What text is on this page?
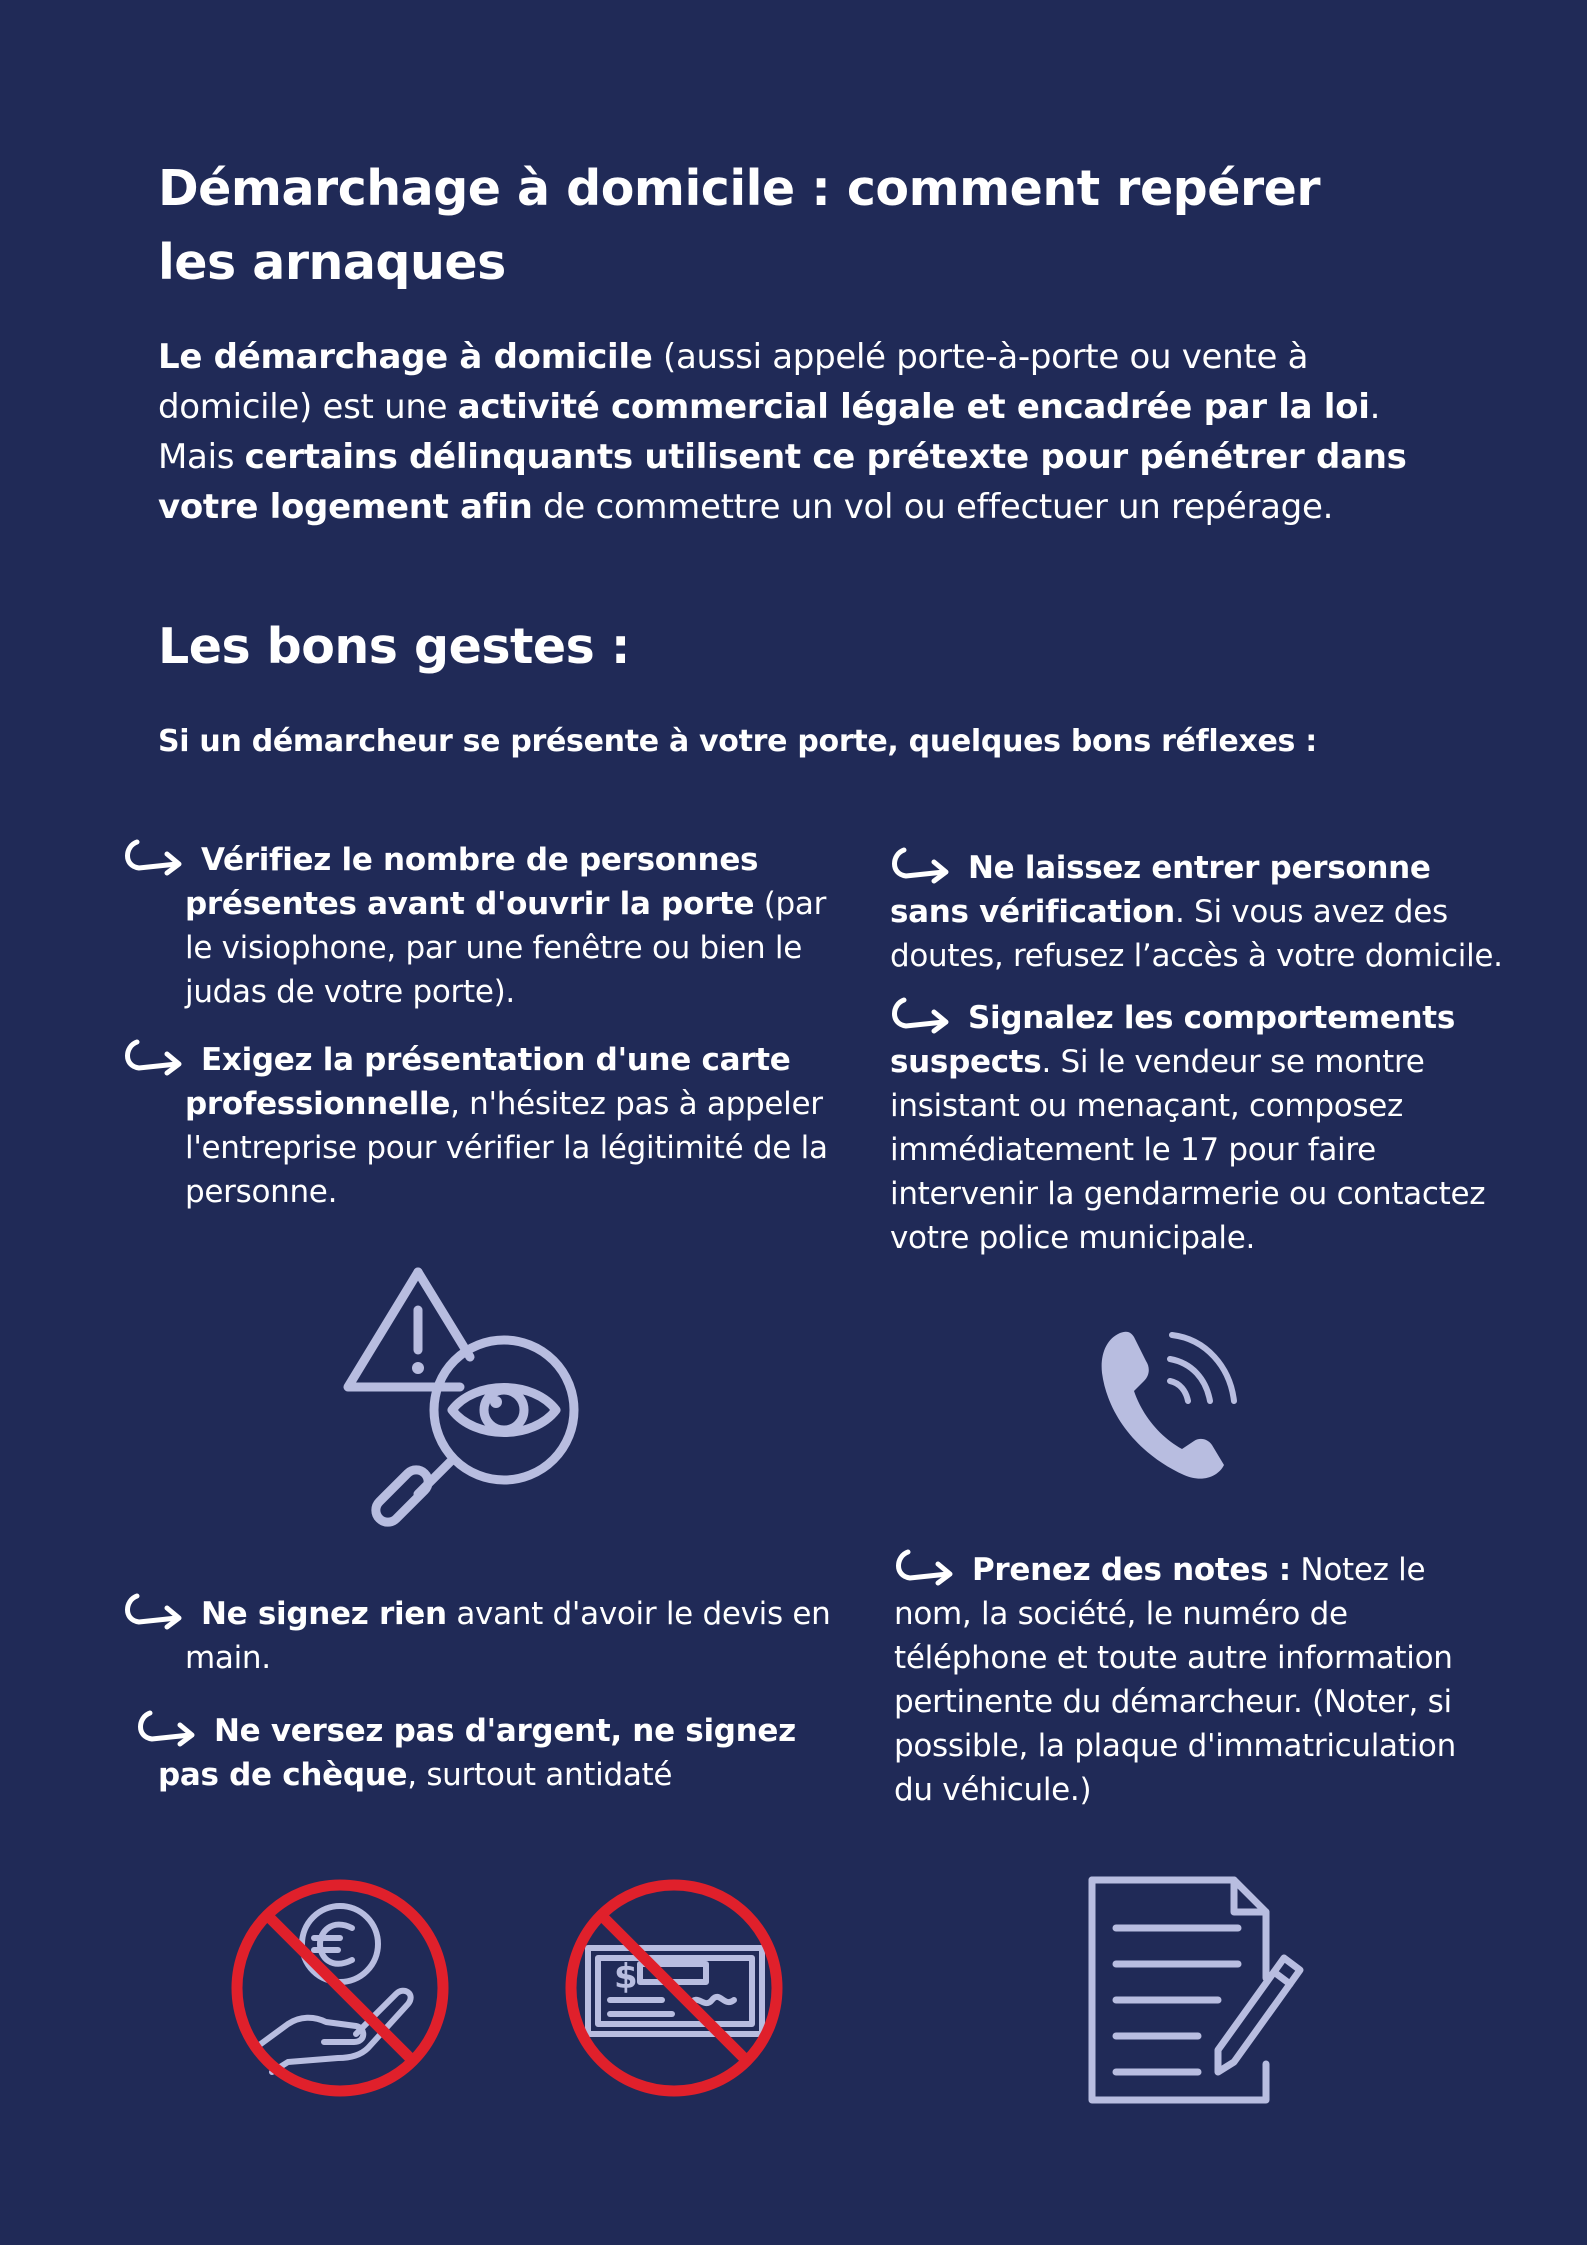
Démarchage à domicile : comment repérer les arnaques
Le démarchage à domicile (aussi appelé porte-à-porte ou vente à domicile) est une activité commercial légale et encadrée par la loi. Mais certains délinquants utilisent ce prétexte pour pénétrer dans votre logement afin de commettre un vol ou effectuer un repérage.
Les bons gestes :
Si un démarcheur se présente à votre porte, quelques bons réflexes :
Vérifiez le nombre de personnes présentes avant d'ouvrir la porte (par le visiophone, par une fenêtre ou bien le judas de votre porte).
Exigez la présentation d'une carte professionnelle, n'hésitez pas à appeler l'entreprise pour vérifier la légitimité de la personne.
Ne laissez entrer personne sans vérification. Si vous avez des doutes, refusez l’accès à votre domicile.
Signalez les comportements suspects. Si le vendeur se montre insistant ou menaçant, composez immédiatement le 17 pour faire intervenir la gendarmerie ou contactez votre police municipale.
Ne signez rien avant d'avoir le devis en main.
Ne versez pas d'argent, ne signez pas de chèque, surtout antidaté
Prenez des notes : Notez le nom, la société, le numéro de téléphone et toute autre information pertinente du démarcheur. (Noter, si possible, la plaque d'immatriculation du véhicule.)
$
